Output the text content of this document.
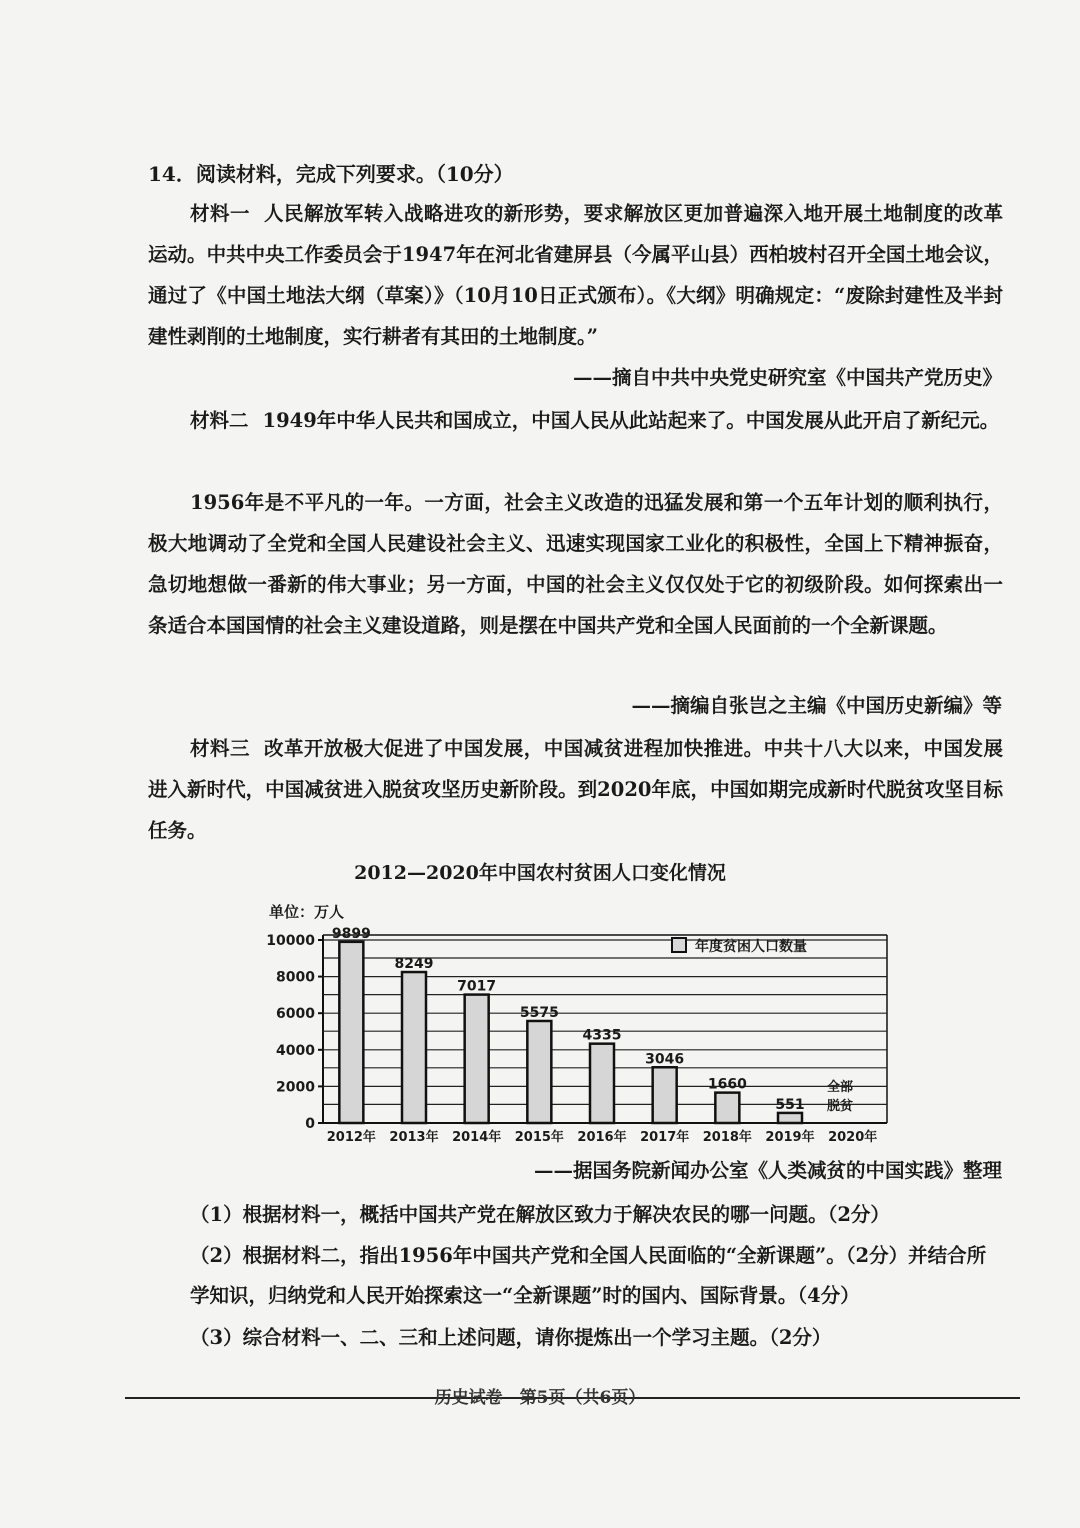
14．阅读材料，完成下列要求。（10分）
材料一 人民解放军转入战略进攻的新形势，要求解放区更加普遍深入地开展土地制度的改革运动。中共中央工作委员会于1947年在河北省建屏县（今属平山县）西柏坡村召开全国土地会议，通过了《中国土地法大纲（草案）》（10月10日正式颁布）。《大纲》明确规定：“废除封建性及半封建性剥削的土地制度，实行耕者有其田的土地制度。”
——摘自中共中央党史研究室《中国共产党历史》
材料二 1949年中华人民共和国成立，中国人民从此站起来了。中国发展从此开启了新纪元。
1956年是不平凡的一年。一方面，社会主义改造的迅猛发展和第一个五年计划的顺利执行，极大地调动了全党和全国人民建设社会主义、迅速实现国家工业化的积极性，全国上下精神振奋，急切地想做一番新的伟大事业；另一方面，中国的社会主义仅仅处于它的初级阶段。如何探索出一条适合本国国情的社会主义建设道路，则是摆在中国共产党和全国人民面前的一个全新课题。
——摘编自张岂之主编《中国历史新编》等
材料三 改革开放极大促进了中国发展，中国减贫进程加快推进。中共十八大以来，中国发展进入新时代，中国减贫进入脱贫攻坚历史新阶段。到2020年底，中国如期完成新时代脱贫攻坚目标任务。
2012—2020年中国农村贫困人口变化情况
单位：万人
0
2000
4000
6000
8000
10000 9899
8249
7017
5575
4335
3046
1660
551
2012年 2013年 2014年 2015年 2016年 2017年 2018年 2019年 2020年
年度贫困人口数量
全部
脱贫
——据国务院新闻办公室《人类减贫的中国实践》整理
（1）根据材料一，概括中国共产党在解放区致力于解决农民的哪一问题。（2分）
（2）根据材料二，指出1956年中国共产党和全国人民面临的“全新课题”。（2分）并结合所学知识，归纳党和人民开始探索这一“全新课题”时的国内、国际背景。（4分）
（3）综合材料一、二、三和上述问题，请你提炼出一个学习主题。（2分）
历史试卷　第5页（共6页）
